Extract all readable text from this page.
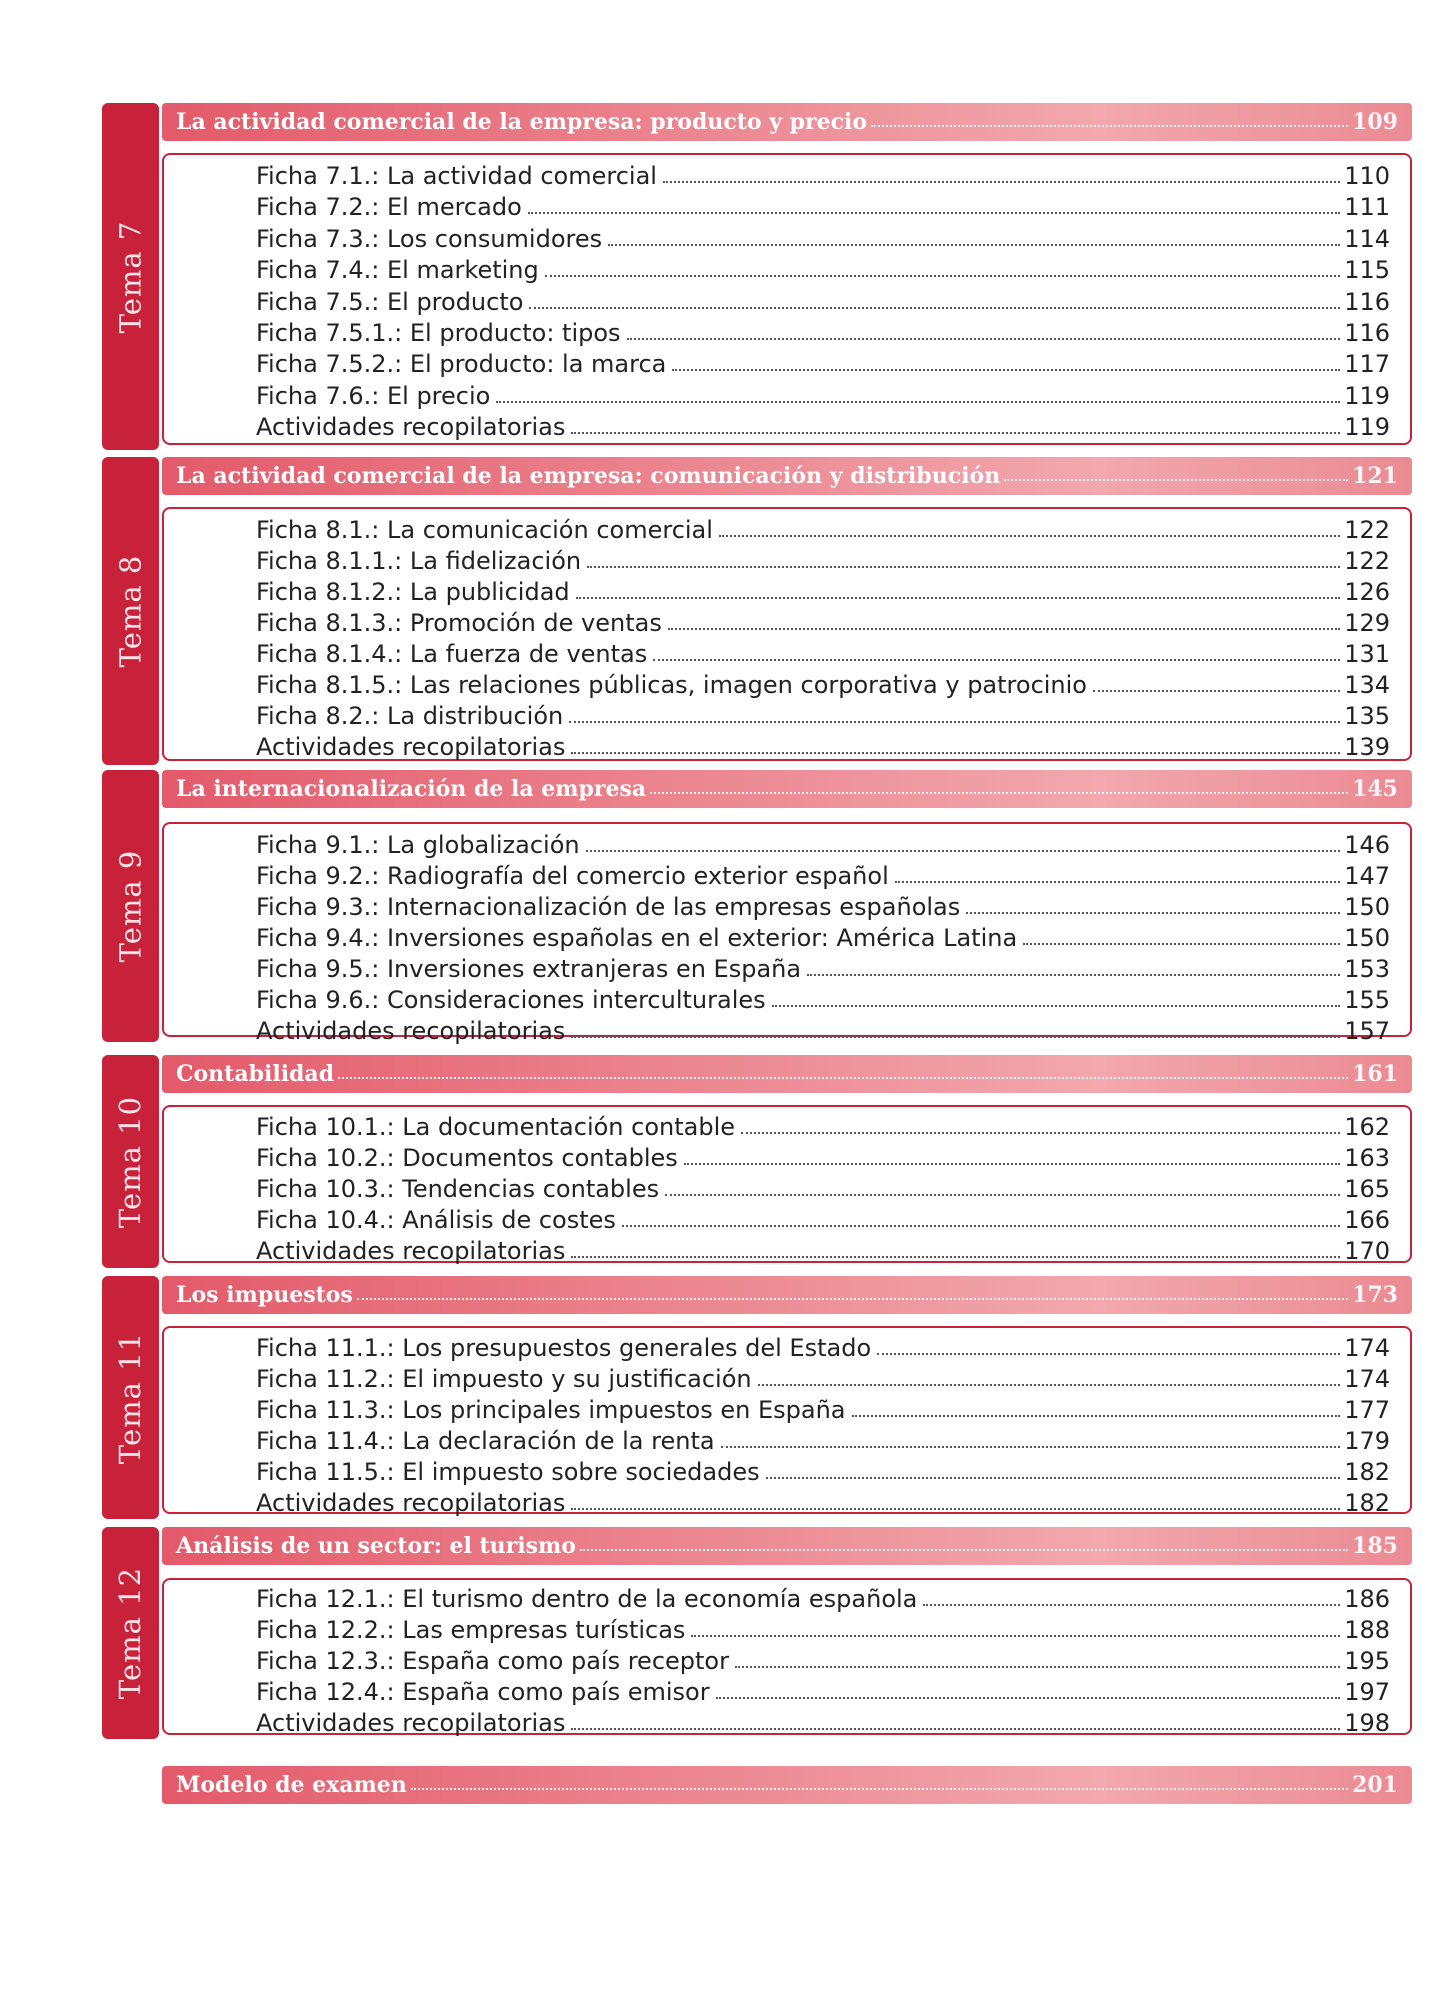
Tema 7
La actividad comercial de la empresa: producto y precio	109
Ficha 7.1.: La actividad comercial	110
Ficha 7.2.: El mercado	111
Ficha 7.3.: Los consumidores	114
Ficha 7.4.: El marketing	115
Ficha 7.5.: El producto	116
Ficha 7.5.1.: El producto: tipos	116
Ficha 7.5.2.: El producto: la marca	117
Ficha 7.6.: El precio	119
Actividades recopilatorias	119
Tema 8
La actividad comercial de la empresa: comunicación y distribución	121
Ficha 8.1.: La comunicación comercial	122
Ficha 8.1.1.: La fidelización	122
Ficha 8.1.2.: La publicidad	126
Ficha 8.1.3.: Promoción de ventas	129
Ficha 8.1.4.: La fuerza de ventas	131
Ficha 8.1.5.: Las relaciones públicas, imagen corporativa y patrocinio	134
Ficha 8.2.: La distribución	135
Actividades recopilatorias	139
Tema 9
La internacionalización de la empresa	145
Ficha 9.1.: La globalización	146
Ficha 9.2.: Radiografía del comercio exterior español	147
Ficha 9.3.: Internacionalización de las empresas españolas	150
Ficha 9.4.: Inversiones españolas en el exterior: América Latina	150
Ficha 9.5.: Inversiones extranjeras en España	153
Ficha 9.6.: Consideraciones interculturales	155
Actividades recopilatorias	157
Tema 10
Contabilidad	161
Ficha 10.1.: La documentación contable	162
Ficha 10.2.: Documentos contables	163
Ficha 10.3.: Tendencias contables	165
Ficha 10.4.: Análisis de costes	166
Actividades recopilatorias	170
Tema 11
Los impuestos	173
Ficha 11.1.: Los presupuestos generales del Estado	174
Ficha 11.2.: El impuesto y su justificación	174
Ficha 11.3.: Los principales impuestos en España	177
Ficha 11.4.: La declaración de la renta	179
Ficha 11.5.: El impuesto sobre sociedades	182
Actividades recopilatorias	182
Tema 12
Análisis de un sector: el turismo	185
Ficha 12.1.: El turismo dentro de la economía española	186
Ficha 12.2.: Las empresas turísticas	188
Ficha 12.3.: España como país receptor	195
Ficha 12.4.: España como país emisor	197
Actividades recopilatorias	198
Modelo de examen	201
